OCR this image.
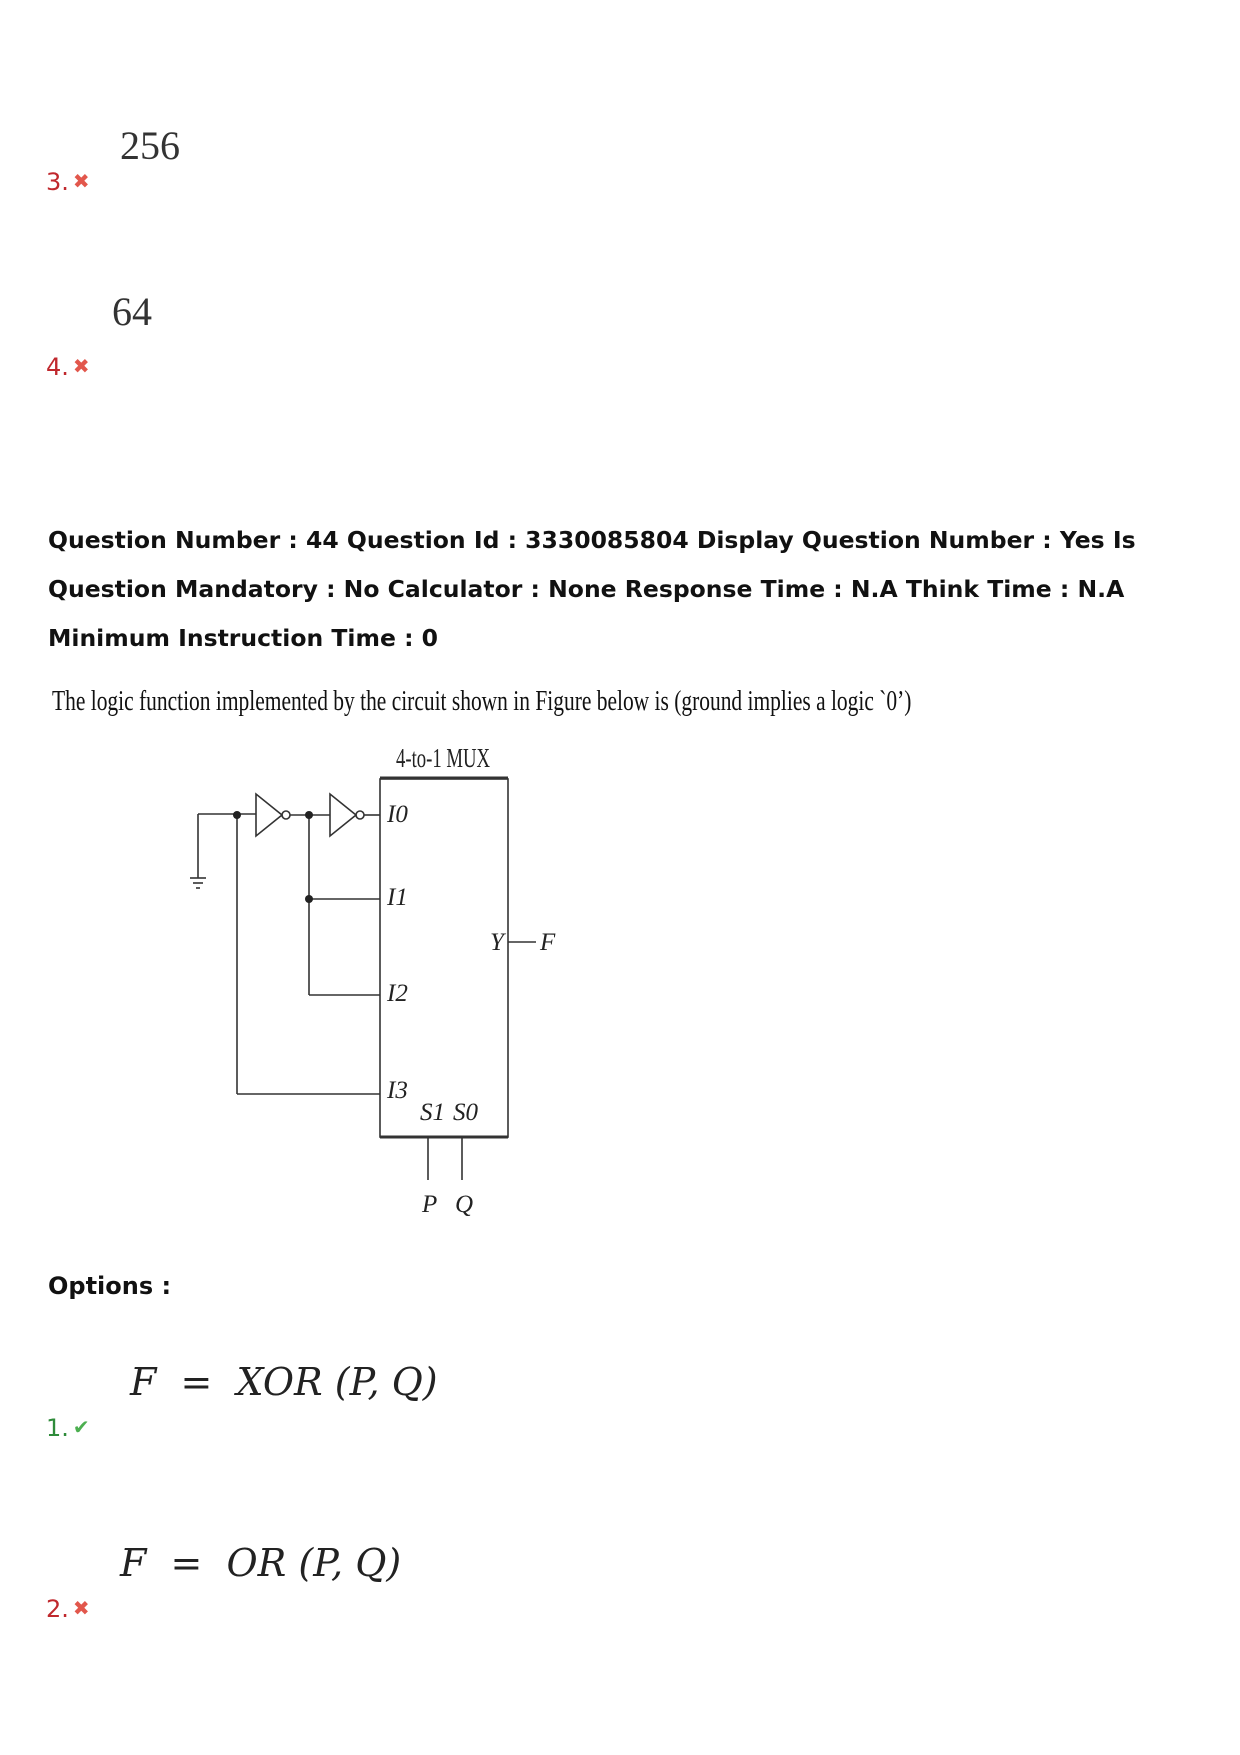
256
3. ✖
64
4. ✖
Question Number : 44 Question Id : 3330085804 Display Question Number : Yes Is Question Mandatory : No Calculator : None Response Time : N.A Think Time : N.A Minimum Instruction Time : 0
The logic function implemented by the circuit shown in Figure below is (ground implies a logic `0’)
4-to-1 MUX
I0
I1
I2
I3
S1 S0
Y F
P Q
Options :
F  =  XOR (P, Q)
1. ✔
F  =  OR (P, Q)
2. ✖
